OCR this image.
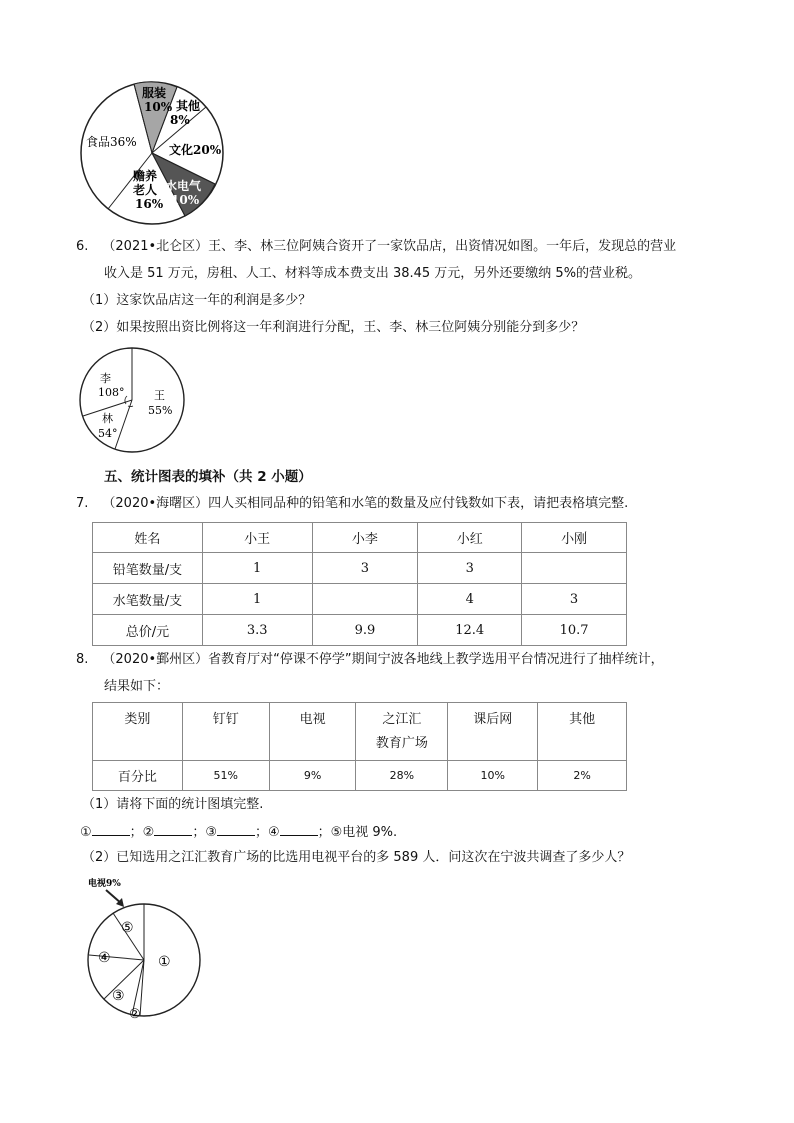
服装
10% 其他
8%
文化20%
食品36%
水电气
10%
赡养
老人
16%
6. （2021•北仑区）王、李、林三位阿姨合资开了一家饮品店，出资情况如图。一年后，发现总的营业
收入是 51 万元，房租、人工、材料等成本费支出 38.45 万元，另外还要缴纳 5%的营业税。
（1）这家饮品店这一年的利润是多少？
（2）如果按照出资比例将这一年利润进行分配，王、李、林三位阿姨分别能分到多少？
李
108°	王
55%
林
54°
五、统计图表的填补（共 2 小题）
7. （2020•海曙区）四人买相同品种的铅笔和水笔的数量及应付钱数如下表，请把表格填完整.
姓名	小王	小李	小红	小刚
铅笔数量/支	1	3	3	
水笔数量/支	1		4	3
总价/元	3.3	9.9	12.4	10.7
8. （2020•鄞州区）省教育厅对“停课不停学”期间宁波各地线上教学选用平台情况进行了抽样统计，
结果如下：
类别	钉钉	电视	之江汇
教育广场	课后网	其他
百分比	51%	9%	28%	10%	2%
（1）请将下面的统计图填完整.
①	；②	；③	；④	；⑤电视 9%.
（2）已知选用之江汇教育广场的比选用电视平台的多 589 人．问这次在宁波共调查了多少人？
电视9%
⑤
①
④
③
②
